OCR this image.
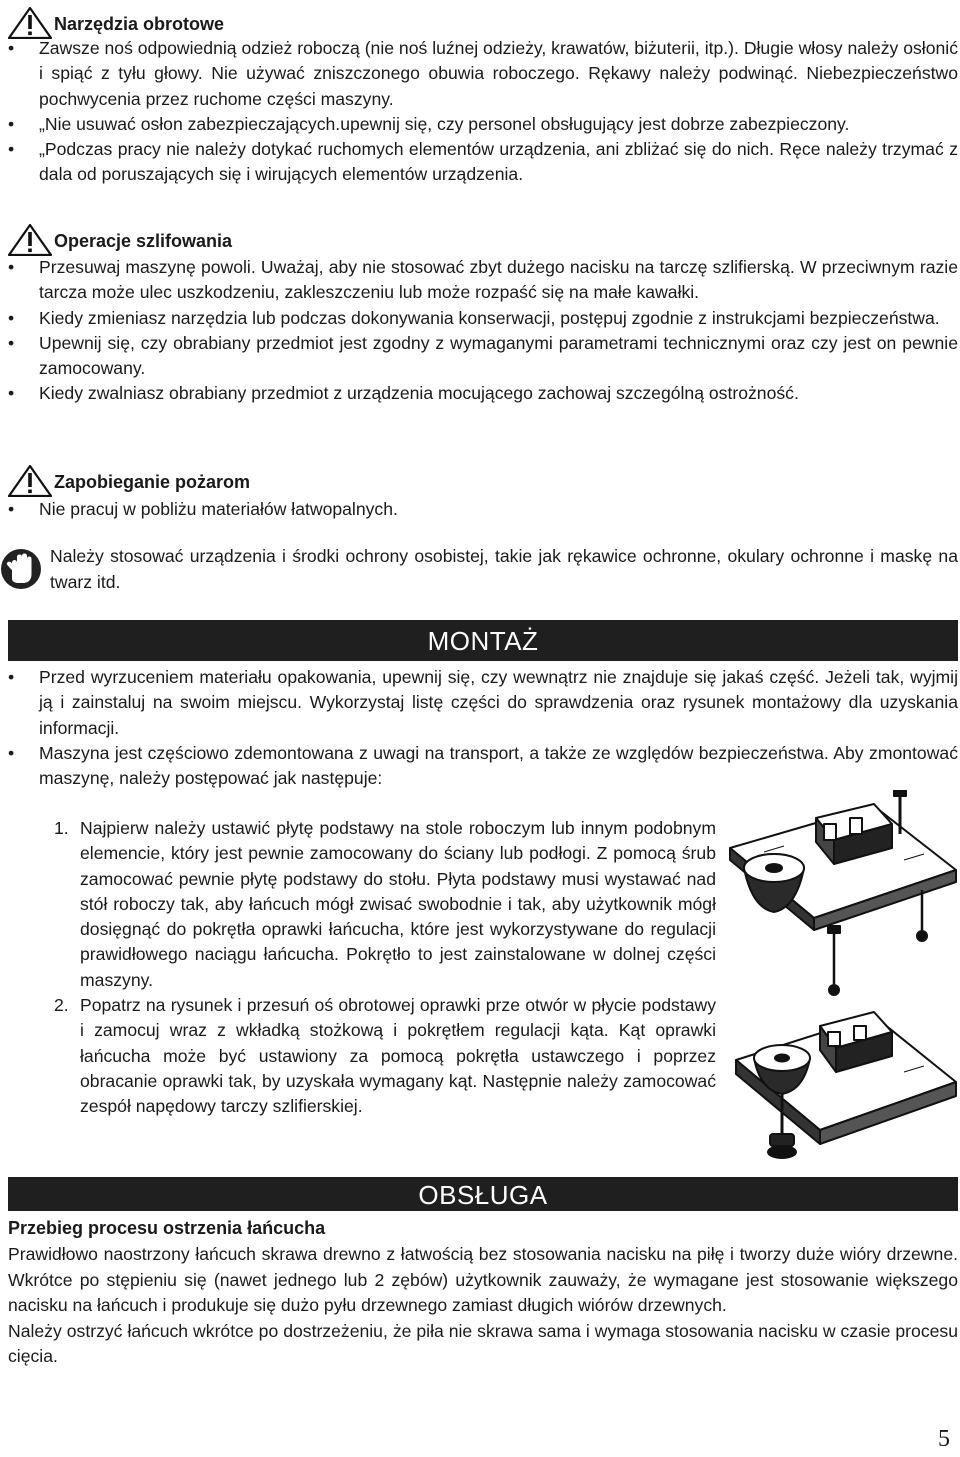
Narzędzia obrotowe
• Zawsze noś odpowiednią odzież roboczą (nie noś luźnej odzieży, krawatów, biżuterii, itp.). Długie włosy należy osłonić i spiąć z tyłu głowy. Nie używać zniszczonego obuwia roboczego. Rękawy należy podwinąć. Niebezpieczeństwo pochwycenia przez ruchome części maszyny.
• „Nie usuwać osłon zabezpieczających.upewnij się, czy personel obsługujący jest dobrze zabezpieczony.
• „Podczas pracy nie należy dotykać ruchomych elementów urządzenia, ani zbliżać się do nich. Ręce należy trzymać z dala od poruszających się i wirujących elementów urządzenia.
Operacje szlifowania
• Przesuwaj maszynę powoli. Uważaj, aby nie stosować zbyt dużego nacisku na tarczę szlifierską. W przeciwnym razie tarcza może ulec uszkodzeniu, zakleszczeniu lub może rozpaść się na małe kawałki.
• Kiedy zmieniasz narzędzia lub podczas dokonywania konserwacji, postępuj zgodnie z instrukcjami bezpieczeństwa.
• Upewnij się, czy obrabiany przedmiot jest zgodny z wymaganymi parametrami technicznymi oraz czy jest on pewnie zamocowany.
• Kiedy zwalniasz obrabiany przedmiot z urządzenia mocującego zachowaj szczególną ostrożność.
Zapobieganie pożarom
• Nie pracuj w pobliżu materiałów łatwopalnych.

Należy stosować urządzenia i środki ochrony osobistej, takie jak rękawice ochronne, okulary ochronne i maskę na twarz itd.

MONTAŻ
• Przed wyrzuceniem materiału opakowania, upewnij się, czy wewnątrz nie znajduje się jakaś część. Jeżeli tak, wyjmij ją i zainstaluj na swoim miejscu. Wykorzystaj listę części do sprawdzenia oraz rysunek montażowy dla uzyskania informacji.
• Maszyna jest częściowo zdemontowana z uwagi na transport, a także ze względów bezpieczeństwa. Aby zmontować maszynę, należy postępować jak następuje:
1. Najpierw należy ustawić płytę podstawy na stole roboczym lub innym podobnym elemencie, który jest pewnie zamocowany do ściany lub podłogi. Z pomocą śrub zamocować pewnie płytę podstawy do stołu. Płyta podstawy musi wystawać nad stół roboczy tak, aby łańcuch mógł zwisać swobodnie i tak, aby użytkownik mógł dosięgnąć do pokrętła oprawki łańcucha, które jest wykorzystywane do regulacji prawidłowego naciągu łańcucha. Pokrętło to jest zainstalowane w dolnej części maszyny.
2. Popatrz na rysunek i przesuń oś obrotowej oprawki prze otwór w płycie podstawy i zamocuj wraz z wkładką stożkową i pokrętłem regulacji kąta. Kąt oprawki łańcucha może być ustawiony za pomocą pokrętła ustawczego i poprzez obracanie oprawki tak, by uzyskała wymagany kąt. Następnie należy zamocować zespół napędowy tarczy szlifierskiej.
OBSŁUGA
Przebieg procesu ostrzenia łańcucha

Prawidłowo naostrzony łańcuch skrawa drewno z łatwością bez stosowania nacisku na piłę i tworzy duże wióry drzewne. Wkrótce po stępieniu się (nawet jednego lub 2 zębów) użytkownik zauważy, że wymagane jest stosowanie większego nacisku na łańcuch i produkuje się dużo pyłu drzewnego zamiast długich wiórów drzewnych.
Należy ostrzyć łańcuch wkrótce po dostrzeżeniu, że piła nie skrawa sama i wymaga stosowania nacisku w czasie procesu cięcia.

5
